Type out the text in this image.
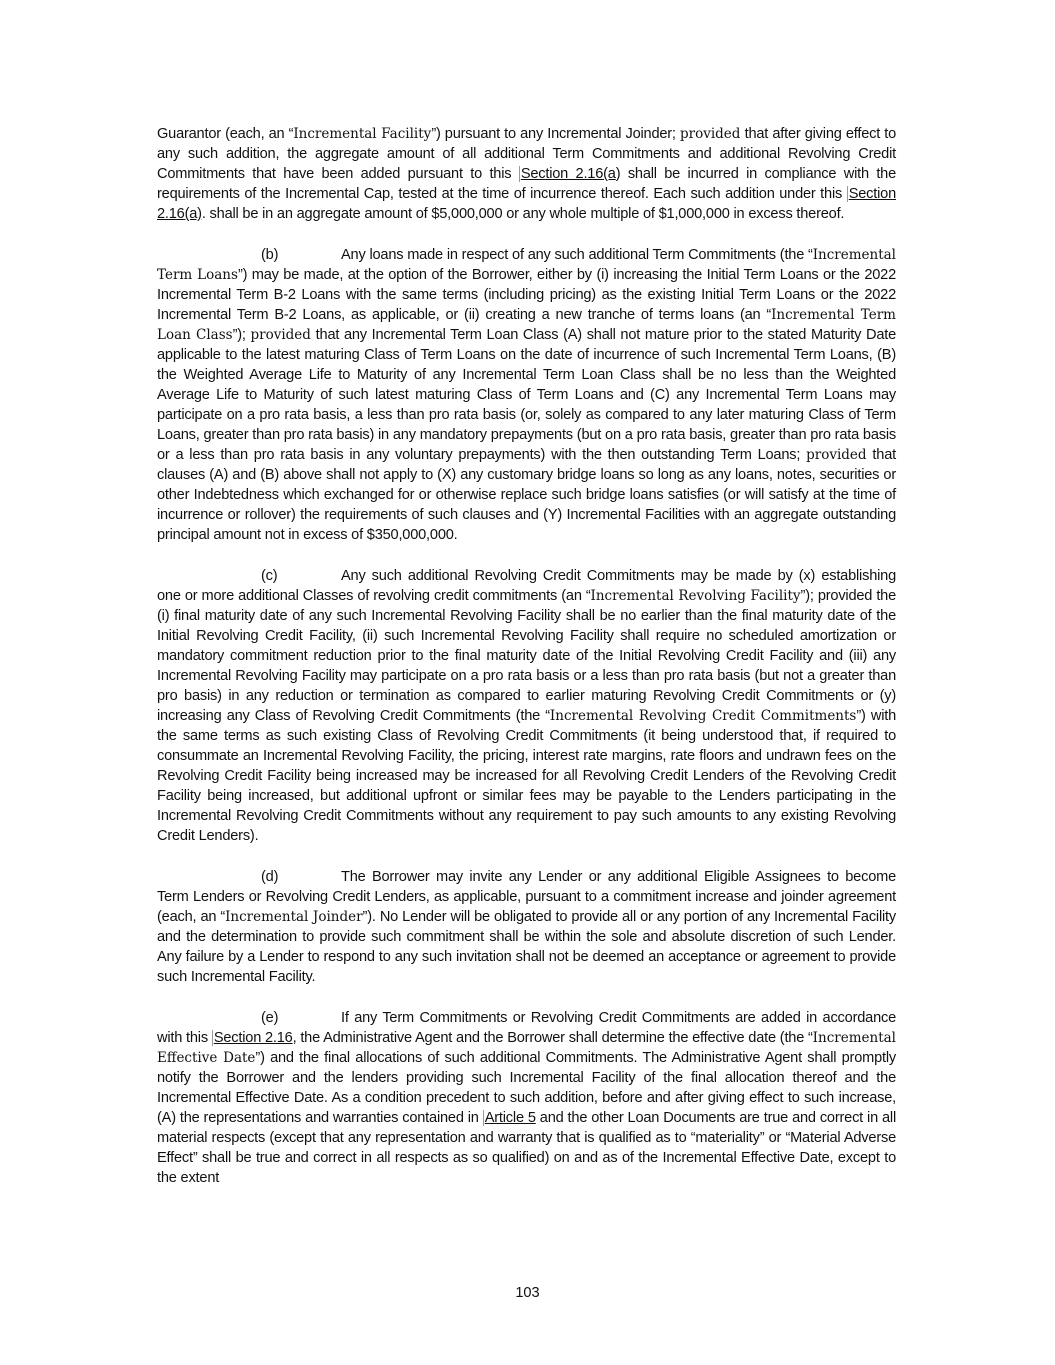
Guarantor (each, an “Incremental Facility”) pursuant to any Incremental Joinder; provided that after giving effect to any such addition, the aggregate amount of all additional Term Commitments and additional Revolving Credit Commitments that have been added pursuant to this Section 2.16(a) shall be incurred in compliance with the requirements of the Incremental Cap, tested at the time of incurrence thereof. Each such addition under this Section 2.16(a). shall be in an aggregate amount of $5,000,000 or any whole multiple of $1,000,000 in excess thereof.

(b)	Any loans made in respect of any such additional Term Commitments (the “Incremental Term Loans”) may be made, at the option of the Borrower, either by (i) increasing the Initial Term Loans or the 2022 Incremental Term B-2 Loans with the same terms (including pricing) as the existing Initial Term Loans or the 2022 Incremental Term B-2 Loans, as applicable, or (ii) creating a new tranche of terms loans (an “Incremental Term Loan Class”); provided that any Incremental Term Loan Class (A) shall not mature prior to the stated Maturity Date applicable to the latest maturing Class of Term Loans on the date of incurrence of such Incremental Term Loans, (B) the Weighted Average Life to Maturity of any Incremental Term Loan Class shall be no less than the Weighted Average Life to Maturity of such latest maturing Class of Term Loans and (C) any Incremental Term Loans may participate on a pro rata basis, a less than pro rata basis (or, solely as compared to any later maturing Class of Term Loans, greater than pro rata basis) in any mandatory prepayments (but on a pro rata basis, greater than pro rata basis or a less than pro rata basis in any voluntary prepayments) with the then outstanding Term Loans; provided that clauses (A) and (B) above shall not apply to (X) any customary bridge loans so long as any loans, notes, securities or other Indebtedness which exchanged for or otherwise replace such bridge loans satisfies (or will satisfy at the time of incurrence or rollover) the requirements of such clauses and (Y) Incremental Facilities with an aggregate outstanding principal amount not in excess of $350,000,000.

(c)	Any such additional Revolving Credit Commitments may be made by (x) establishing one or more additional Classes of revolving credit commitments (an “Incremental Revolving Facility”); provided the (i) final maturity date of any such Incremental Revolving Facility shall be no earlier than the final maturity date of the Initial Revolving Credit Facility, (ii) such Incremental Revolving Facility shall require no scheduled amortization or mandatory commitment reduction prior to the final maturity date of the Initial Revolving Credit Facility and (iii) any Incremental Revolving Facility may participate on a pro rata basis or a less than pro rata basis (but not a greater than pro basis) in any reduction or termination as compared to earlier maturing Revolving Credit Commitments or (y) increasing any Class of Revolving Credit Commitments (the “Incremental Revolving Credit Commitments”) with the same terms as such existing Class of Revolving Credit Commitments (it being understood that, if required to consummate an Incremental Revolving Facility, the pricing, interest rate margins, rate floors and undrawn fees on the Revolving Credit Facility being increased may be increased for all Revolving Credit Lenders of the Revolving Credit Facility being increased, but additional upfront or similar fees may be payable to the Lenders participating in the Incremental Revolving Credit Commitments without any requirement to pay such amounts to any existing Revolving Credit Lenders).

(d)	The Borrower may invite any Lender or any additional Eligible Assignees to become Term Lenders or Revolving Credit Lenders, as applicable, pursuant to a commitment increase and joinder agreement (each, an “Incremental Joinder”). No Lender will be obligated to provide all or any portion of any Incremental Facility and the determination to provide such commitment shall be within the sole and absolute discretion of such Lender. Any failure by a Lender to respond to any such invitation shall not be deemed an acceptance or agreement to provide such Incremental Facility.

(e)	If any Term Commitments or Revolving Credit Commitments are added in accordance with this Section 2.16, the Administrative Agent and the Borrower shall determine the effective date (the “Incremental Effective Date”) and the final allocations of such additional Commitments. The Administrative Agent shall promptly notify the Borrower and the lenders providing such Incremental Facility of the final allocation thereof and the Incremental Effective Date. As a condition precedent to such addition, before and after giving effect to such increase, (A) the representations and warranties contained in Article 5 and the other Loan Documents are true and correct in all material respects (except that any representation and warranty that is qualified as to “materiality” or “Material Adverse Effect” shall be true and correct in all respects as so qualified) on and as of the Incremental Effective Date, except to the extent

103
